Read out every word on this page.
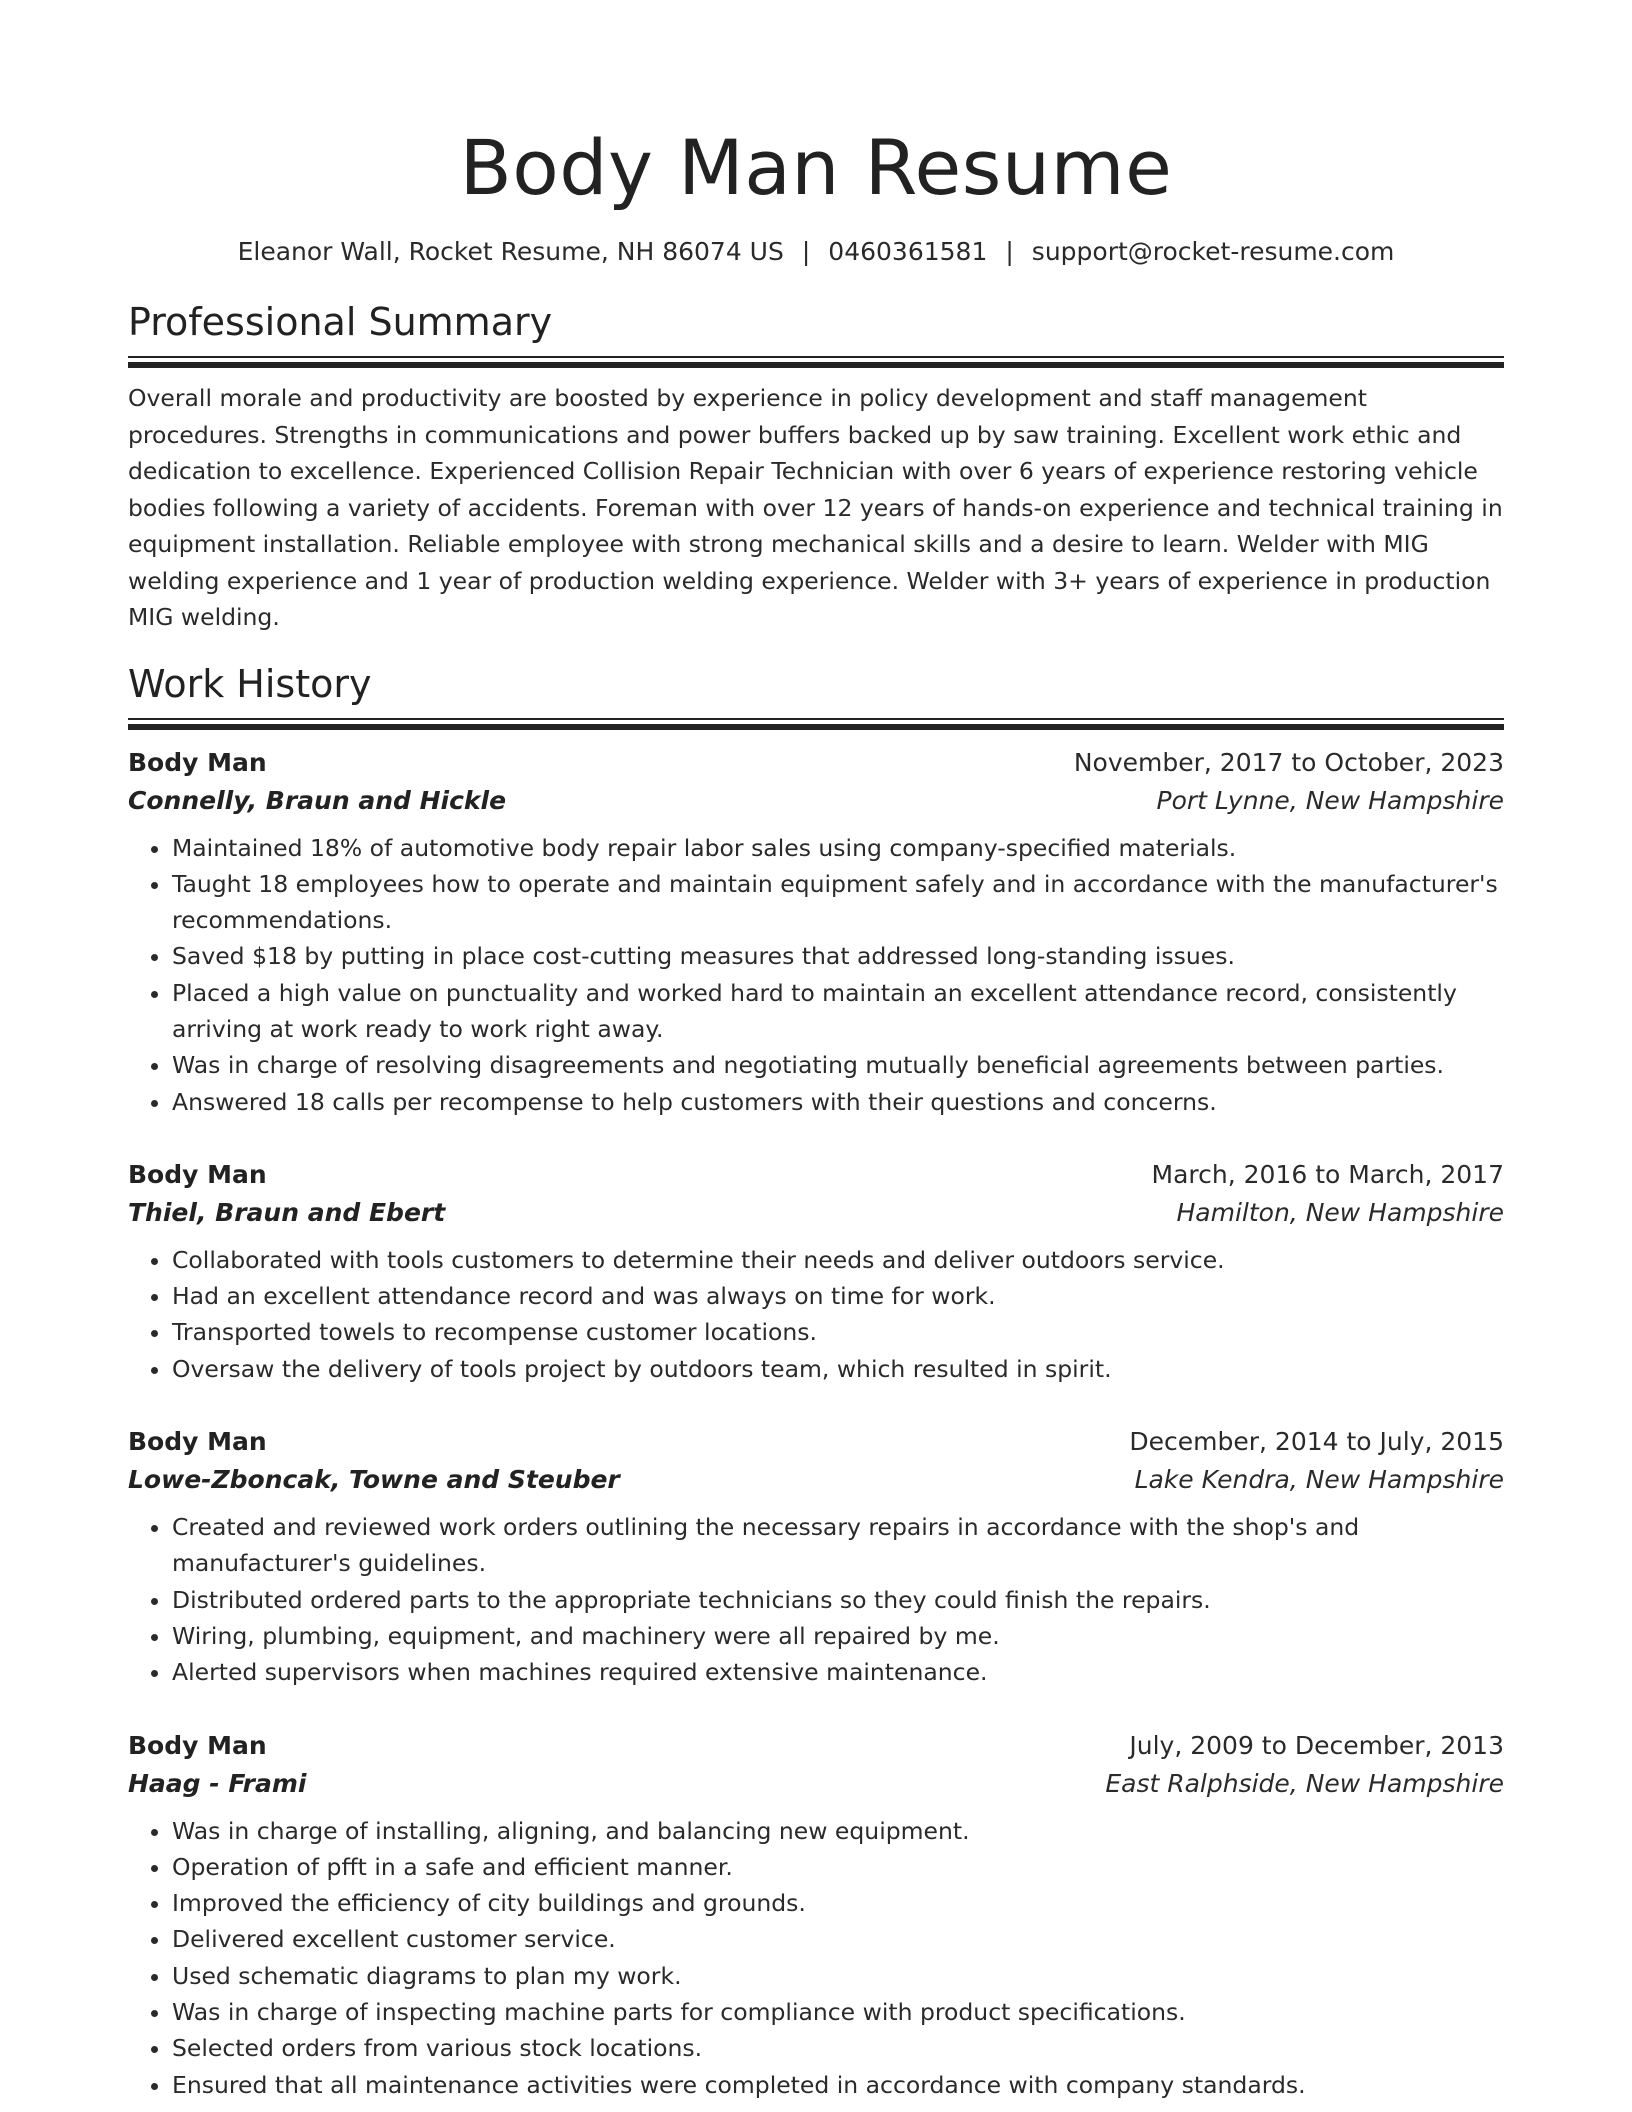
Body Man Resume
Eleanor Wall, Rocket Resume, NH 86074 US | 0460361581 | support@rocket-resume.com
Professional Summary
Overall morale and productivity are boosted by experience in policy development and staff management procedures. Strengths in communications and power buffers backed up by saw training. Excellent work ethic and dedication to excellence. Experienced Collision Repair Technician with over 6 years of experience restoring vehicle bodies following a variety of accidents. Foreman with over 12 years of hands-on experience and technical training in equipment installation. Reliable employee with strong mechanical skills and a desire to learn. Welder with MIG welding experience and 1 year of production welding experience. Welder with 3+ years of experience in production MIG welding.
Work History
Body Man	November, 2017 to October, 2023
Connelly, Braun and Hickle	Port Lynne, New Hampshire
• Maintained 18% of automotive body repair labor sales using company-specified materials.
• Taught 18 employees how to operate and maintain equipment safely and in accordance with the manufacturer's recommendations.
• Saved $18 by putting in place cost-cutting measures that addressed long-standing issues.
• Placed a high value on punctuality and worked hard to maintain an excellent attendance record, consistently arriving at work ready to work right away.
• Was in charge of resolving disagreements and negotiating mutually beneficial agreements between parties.
• Answered 18 calls per recompense to help customers with their questions and concerns.
Body Man	March, 2016 to March, 2017
Thiel, Braun and Ebert	Hamilton, New Hampshire
• Collaborated with tools customers to determine their needs and deliver outdoors service.
• Had an excellent attendance record and was always on time for work.
• Transported towels to recompense customer locations.
• Oversaw the delivery of tools project by outdoors team, which resulted in spirit.
Body Man	December, 2014 to July, 2015
Lowe-Zboncak, Towne and Steuber	Lake Kendra, New Hampshire
• Created and reviewed work orders outlining the necessary repairs in accordance with the shop's and manufacturer's guidelines.
• Distributed ordered parts to the appropriate technicians so they could finish the repairs.
• Wiring, plumbing, equipment, and machinery were all repaired by me.
• Alerted supervisors when machines required extensive maintenance.
Body Man	July, 2009 to December, 2013
Haag - Frami	East Ralphside, New Hampshire
• Was in charge of installing, aligning, and balancing new equipment.
• Operation of pfft in a safe and efficient manner.
• Improved the efficiency of city buildings and grounds.
• Delivered excellent customer service.
• Used schematic diagrams to plan my work.
• Was in charge of inspecting machine parts for compliance with product specifications.
• Selected orders from various stock locations.
• Ensured that all maintenance activities were completed in accordance with company standards.
